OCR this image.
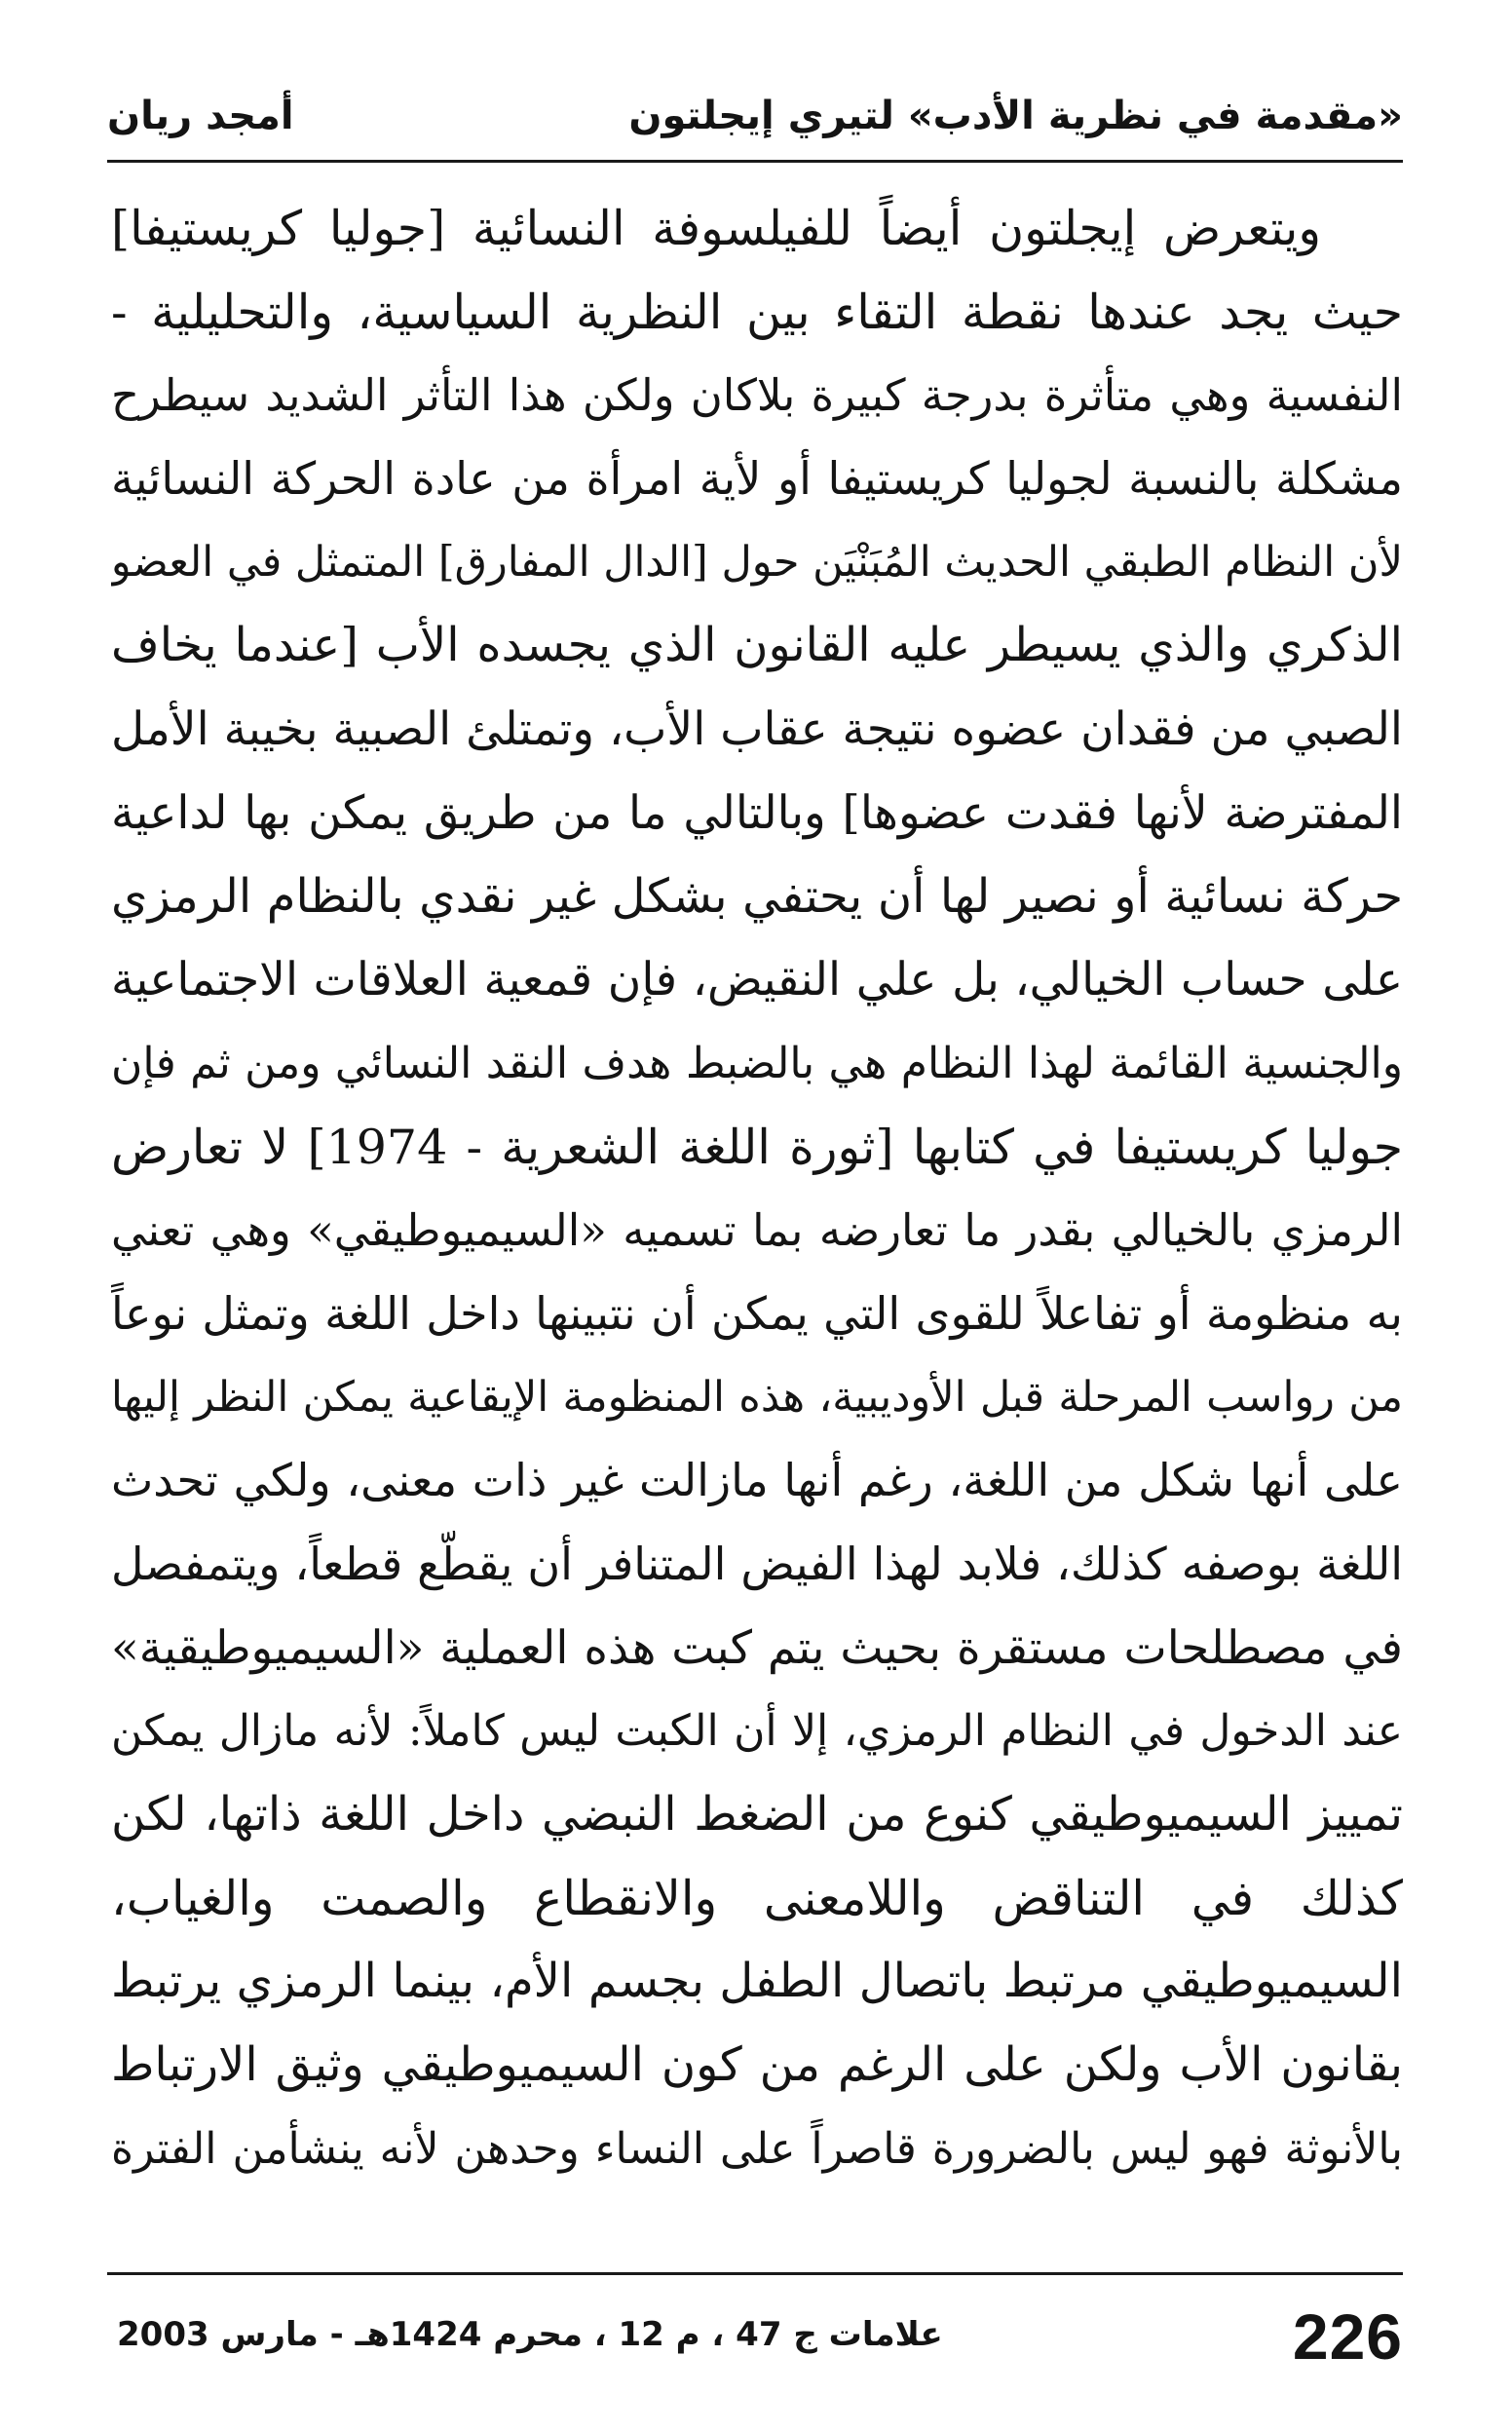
«مقدمة في نظرية الأدب» لتيري إيجلتون
أمجد ريان
ويتعرض إيجلتون أيضاً للفيلسوفة النسائية [جوليا كريستيفا]
حيث يجد عندها نقطة التقاء بين النظرية السياسية، والتحليلية -
النفسية وهي متأثرة بدرجة كبيرة بلاكان ولكن هذا التأثر الشديد سيطرح
مشكلة بالنسبة لجوليا كريستيفا أو لأية امرأة من عادة الحركة النسائية
لأن النظام الطبقي الحديث المُبَنْيَن حول [الدال المفارق] المتمثل في العضو
الذكري والذي يسيطر عليه القانون الذي يجسده الأب [عندما يخاف
الصبي من فقدان عضوه نتيجة عقاب الأب، وتمتلئ الصبية بخيبة الأمل
المفترضة لأنها فقدت عضوها] وبالتالي ما من طريق يمكن بها لداعية
حركة نسائية أو نصير لها أن يحتفي بشكل غير نقدي بالنظام الرمزي
على حساب الخيالي، بل علي النقيض، فإن قمعية العلاقات الاجتماعية
والجنسية القائمة لهذا النظام هي بالضبط هدف النقد النسائي ومن ثم فإن
جوليا كريستيفا في كتابها [ثورة اللغة الشعرية - 1974] لا تعارض
الرمزي بالخيالي بقدر ما تعارضه بما تسميه «السيميوطيقي» وهي تعني
به منظومة أو تفاعلاً للقوى التي يمكن أن نتبينها داخل اللغة وتمثل نوعاً
من رواسب المرحلة قبل الأوديبية، هذه المنظومة الإيقاعية يمكن النظر إليها
على أنها شكل من اللغة، رغم أنها مازالت غير ذات معنى، ولكي تحدث
اللغة بوصفه كذلك، فلابد لهذا الفيض المتنافر أن يقطّع قطعاً، ويتمفصل
في مصطلحات مستقرة بحيث يتم كبت هذه العملية «السيميوطيقية»
عند الدخول في النظام الرمزي، إلا أن الكبت ليس كاملاً: لأنه مازال يمكن
تمييز السيميوطيقي كنوع من الضغط النبضي داخل اللغة ذاتها، لكن
كذلك في التناقض واللامعنى والانقطاع والصمت والغياب،
السيميوطيقي مرتبط باتصال الطفل بجسم الأم، بينما الرمزي يرتبط
بقانون الأب ولكن على الرغم من كون السيميوطيقي وثيق الارتباط
بالأنوثة فهو ليس بالضرورة قاصراً على النساء وحدهن لأنه ينشأمن الفترة
علامات ج 47 ، م 12 ، محرم 1424هـ - مارس 2003	226
